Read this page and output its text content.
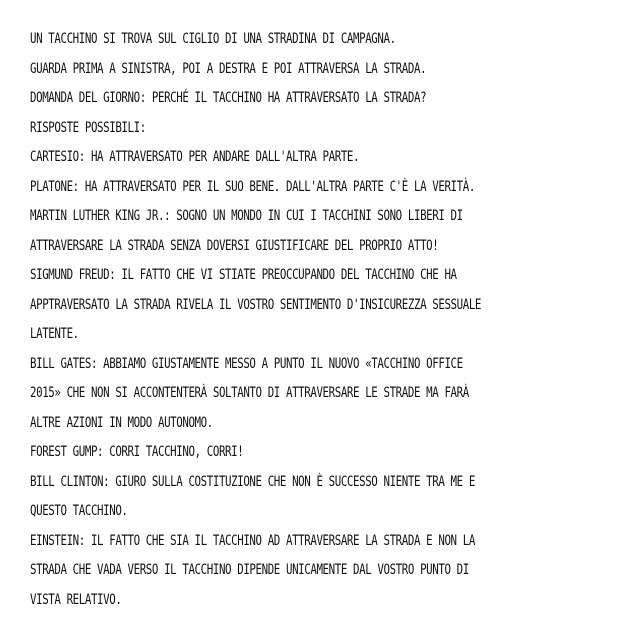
UN TACCHINO SI TROVA SUL CIGLIO DI UNA STRADINA DI CAMPAGNA.
GUARDA PRIMA A SINISTRA, POI A DESTRA E POI ATTRAVERSA LA STRADA.
DOMANDA DEL GIORNO: PERCHÉ IL TACCHINO HA ATTRAVERSATO LA STRADA?
RISPOSTE POSSIBILI:
CARTESIO: HA ATTRAVERSATO PER ANDARE DALL'ALTRA PARTE.
PLATONE: HA ATTRAVERSATO PER IL SUO BENE. DALL'ALTRA PARTE C'È LA VERITÀ.
MARTIN LUTHER KING JR.: SOGNO UN MONDO IN CUI I TACCHINI SONO LIBERI DI
ATTRAVERSARE LA STRADA SENZA DOVERSI GIUSTIFICARE DEL PROPRIO ATTO!
SIGMUND FREUD: IL FATTO CHE VI STIATE PREOCCUPANDO DEL TACCHINO CHE HA
APPTRAVERSATO LA STRADA RIVELA IL VOSTRO SENTIMENTO D'INSICUREZZA SESSUALE
LATENTE.
BILL GATES: ABBIAMO GIUSTAMENTE MESSO A PUNTO IL NUOVO «TACCHINO OFFICE
2015» CHE NON SI ACCONTENTERÀ SOLTANTO DI ATTRAVERSARE LE STRADE MA FARÀ
ALTRE AZIONI IN MODO AUTONOMO.
FOREST GUMP: CORRI TACCHINO, CORRI!
BILL CLINTON: GIURO SULLA COSTITUZIONE CHE NON È SUCCESSO NIENTE TRA ME E
QUESTO TACCHINO.
EINSTEIN: IL FATTO CHE SIA IL TACCHINO AD ATTRAVERSARE LA STRADA E NON LA
STRADA CHE VADA VERSO IL TACCHINO DIPENDE UNICAMENTE DAL VOSTRO PUNTO DI
VISTA RELATIVO.
